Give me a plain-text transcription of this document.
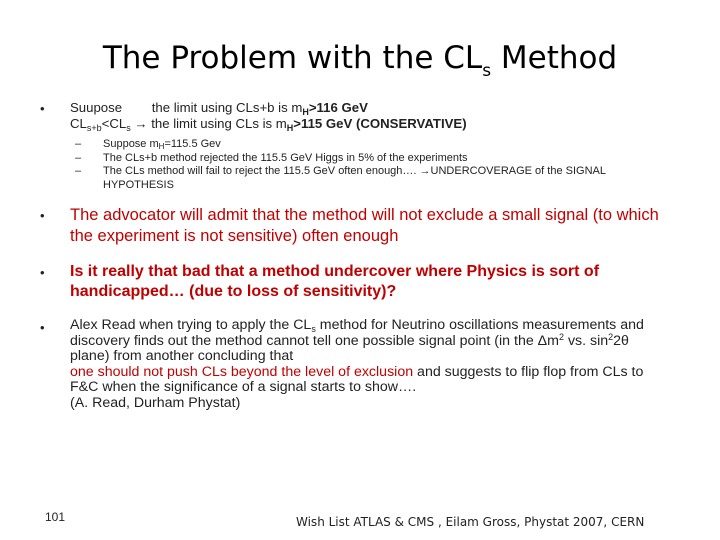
The Problem with the $CL_s$ Method
• Suupose the limit using CLs+b is $m_H>116$ GeV
$CL_{s+b}<CL_s$ → the limit using CLs is $m_H>115$ GeV (CONSERVATIVE)
– Suppose $m_H=115.5$ Gev
– The CLs+b method rejected the 115.5 GeV Higgs in 5% of the experiments
– The CLs method will fail to reject the 115.5 GeV often enough…. →UNDERCOVERAGE of the SIGNAL HYPOTHESIS
• The advocator will admit that the method will not exclude a small signal (to which the experiment is not sensitive) often enough
• Is it really that bad that a method undercover where Physics is sort of handicapped… (due to loss of sensitivity)?
• Alex Read when trying to apply the $CL_s$ method for Neutrino oscillations measurements and discovery finds out the method cannot tell one possible signal point (in the $\Delta m^2$ vs. $\sin^22\theta$ plane) from another concluding that
one should not push CLs beyond the level of exclusion and suggests to flip flop from CLs to F&C when the significance of a signal starts to show….
(A. Read, Durham Phystat)
101	Wish List ATLAS & CMS , Eilam Gross, Phystat 2007, CERN
